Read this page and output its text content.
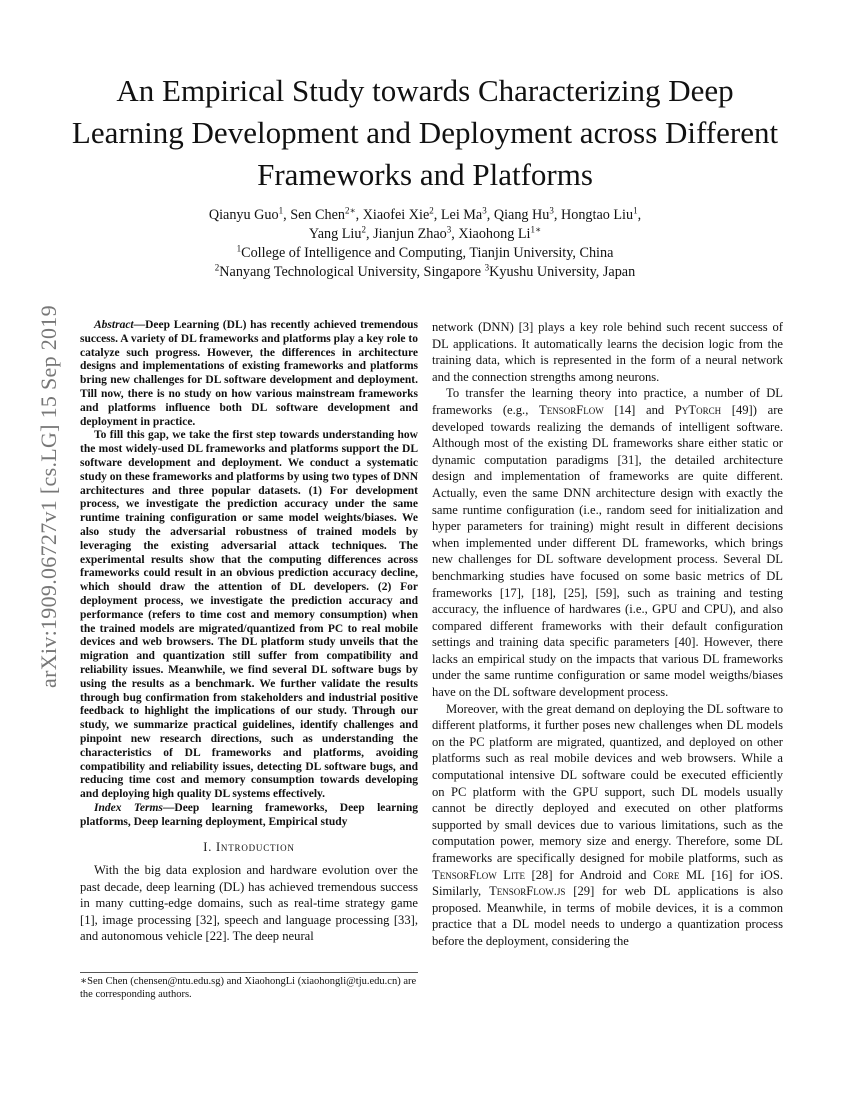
An Empirical Study towards Characterizing Deep Learning Development and Deployment across Different Frameworks and Platforms
Qianyu Guo$^1$, Sen Chen$^{2∗}$, Xiaofei Xie$^2$, Lei Ma$^3$, Qiang Hu$^3$, Hongtao Liu$^1$,
Yang Liu$^2$, Jianjun Zhao$^3$, Xiaohong $Li^{1∗}$
$^1$College of Intelligence and Computing, Tianjin University, China
$^2$Nanyang Technological University, Singapore $^3$Kyushu University, Japan
arXiv:1909.06727v1 [cs.LG] 15 Sep 2019	Abstract—Deep Learning (DL) has recently achieved tremendous success. A variety of DL frameworks and platforms play a key role to catalyze such progress. However, the differences in architecture designs and implementations of existing frameworks and platforms bring new challenges for DL software development and deployment. Till now, there is no study on how various mainstream frameworks and platforms influence both DL software development and deployment in practice.

To fill this gap, we take the first step towards understanding how the most widely-used DL frameworks and platforms support the DL software development and deployment. We conduct a systematic study on these frameworks and platforms by using two types of DNN architectures and three popular datasets. (1) For development process, we investigate the prediction accuracy under the same runtime training configuration or same model weights/biases. We also study the adversarial robustness of trained models by leveraging the existing adversarial attack techniques. The experimental results show that the computing differences across frameworks could result in an obvious prediction accuracy decline, which should draw the attention of DL developers. (2) For deployment process, we investigate the prediction accuracy and performance (refers to time cost and memory consumption) when the trained models are migrated/quantized from PC to real mobile devices and web browsers. The DL platform study unveils that the migration and quantization still suffer from compatibility and reliability issues. Meanwhile, we find several DL software bugs by using the results as a benchmark. We further validate the results through bug confirmation from stakeholders and industrial positive feedback to highlight the implications of our study. Through our study, we summarize practical guidelines, identify challenges and pinpoint new research directions, such as understanding the characteristics of DL frameworks and platforms, avoiding compatibility and reliability issues, detecting DL software bugs, and reducing time cost and memory consumption towards developing and deploying high quality DL systems effectively.

Index Terms—Deep learning frameworks, Deep learning platforms, Deep learning deployment, Empirical study

I. Introduction

With the big data explosion and hardware evolution over the past decade, deep learning (DL) has achieved tremendous success in many cutting-edge domains, such as real-time strategy game [1], image processing [32], speech and language processing [33], and autonomous vehicle [22]. The deep neural

∗Sen Chen (chensen@ntu.edu.sg) and XiaohongLi (xiaohongli@tju.edu.cn) are the corresponding authors.

network (DNN) [3] plays a key role behind such recent success of DL applications. It automatically learns the decision logic from the training data, which is represented in the form of a neural network and the connection strengths among neurons.

To transfer the learning theory into practice, a number of DL frameworks (e.g., TensorFlow [14] and PyTorch [49]) are developed towards realizing the demands of intelligent software. Although most of the existing DL frameworks share either static or dynamic computation paradigms [31], the detailed architecture design and implementation of frameworks are quite different. Actually, even the same DNN architecture design with exactly the same runtime configuration (i.e., random seed for initialization and hyper parameters for training) might result in different decisions when implemented under different DL frameworks, which brings new challenges for DL software development process. Several DL benchmarking studies have focused on some basic metrics of DL frameworks [17], [18], [25], [59], such as training and testing accuracy, the influence of hardwares (i.e., GPU and CPU), and also compared different frameworks with their default configuration settings and training data specific parameters [40]. However, there lacks an empirical study on the impacts that various DL frameworks under the same runtime configuration or same model weigths/biases have on the DL software development process.

Moreover, with the great demand on deploying the DL software to different platforms, it further poses new challenges when DL models on the PC platform are migrated, quantized, and deployed on other platforms such as real mobile devices and web browsers. While a computational intensive DL software could be executed efficiently on PC platform with the GPU support, such DL models usually cannot be directly deployed and executed on other platforms supported by small devices due to various limitations, such as the computation power, memory size and energy. Therefore, some DL frameworks are specifically designed for mobile platforms, such as TensorFlow Lite [28] for Android and Core ML [16] for iOS. Similarly, TensorFlow.js [29] for web DL applications is also proposed. Meanwhile, in terms of mobile devices, it is a common practice that a DL model needs to undergo a quantization process before the deployment, considering the
